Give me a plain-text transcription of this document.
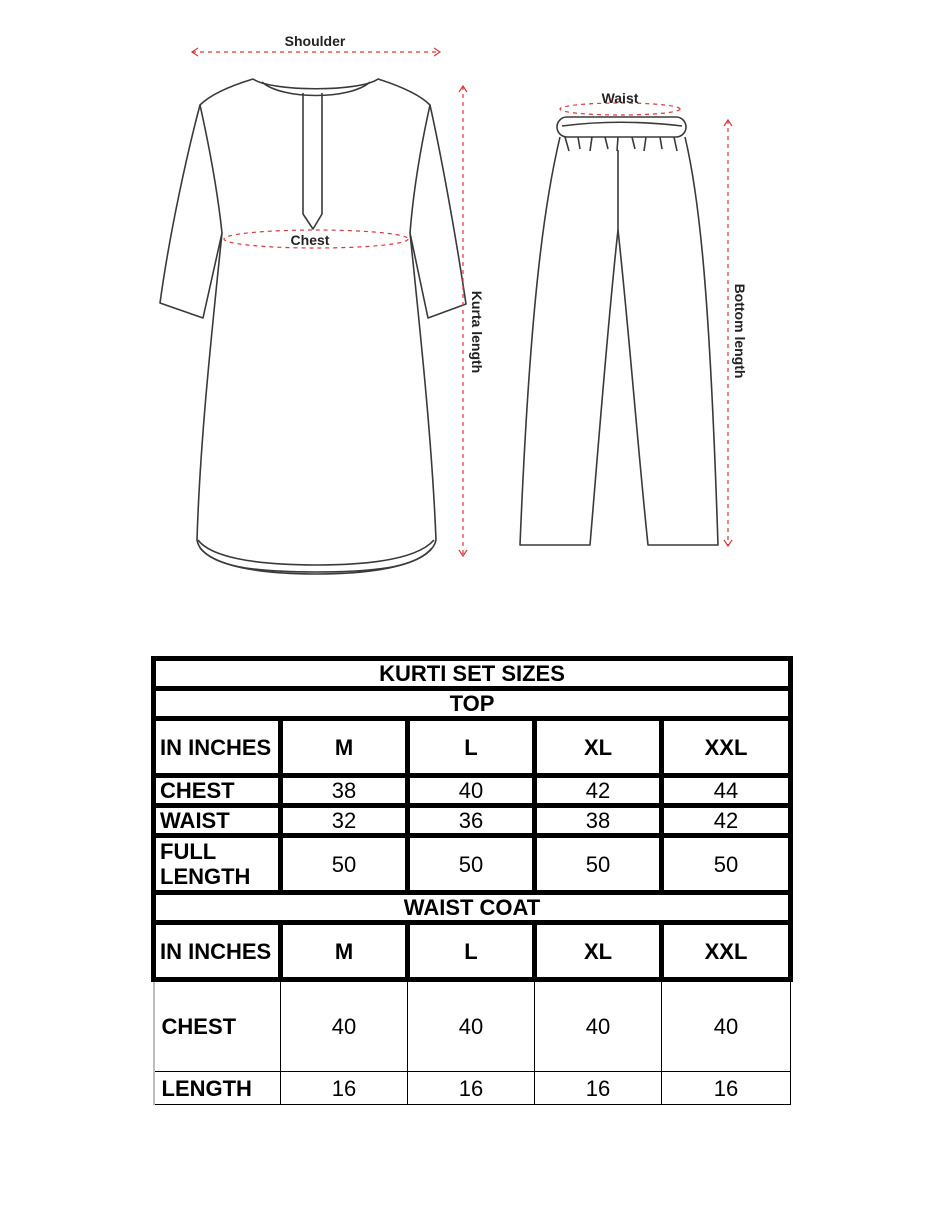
Shoulder
Chest
Waist
Kurta length	Bottom length
KURTI SET SIZES				
TOP				
IN INCHES	M	L	XL	XXL
CHEST	38	40	42	44
WAIST	32	36	38	42
FULL LENGTH	50	50	50	50
WAIST COAT				
IN INCHES	M	L	XL	XXL
CHEST	40	40	40	40
LENGTH	16	16	16	16
